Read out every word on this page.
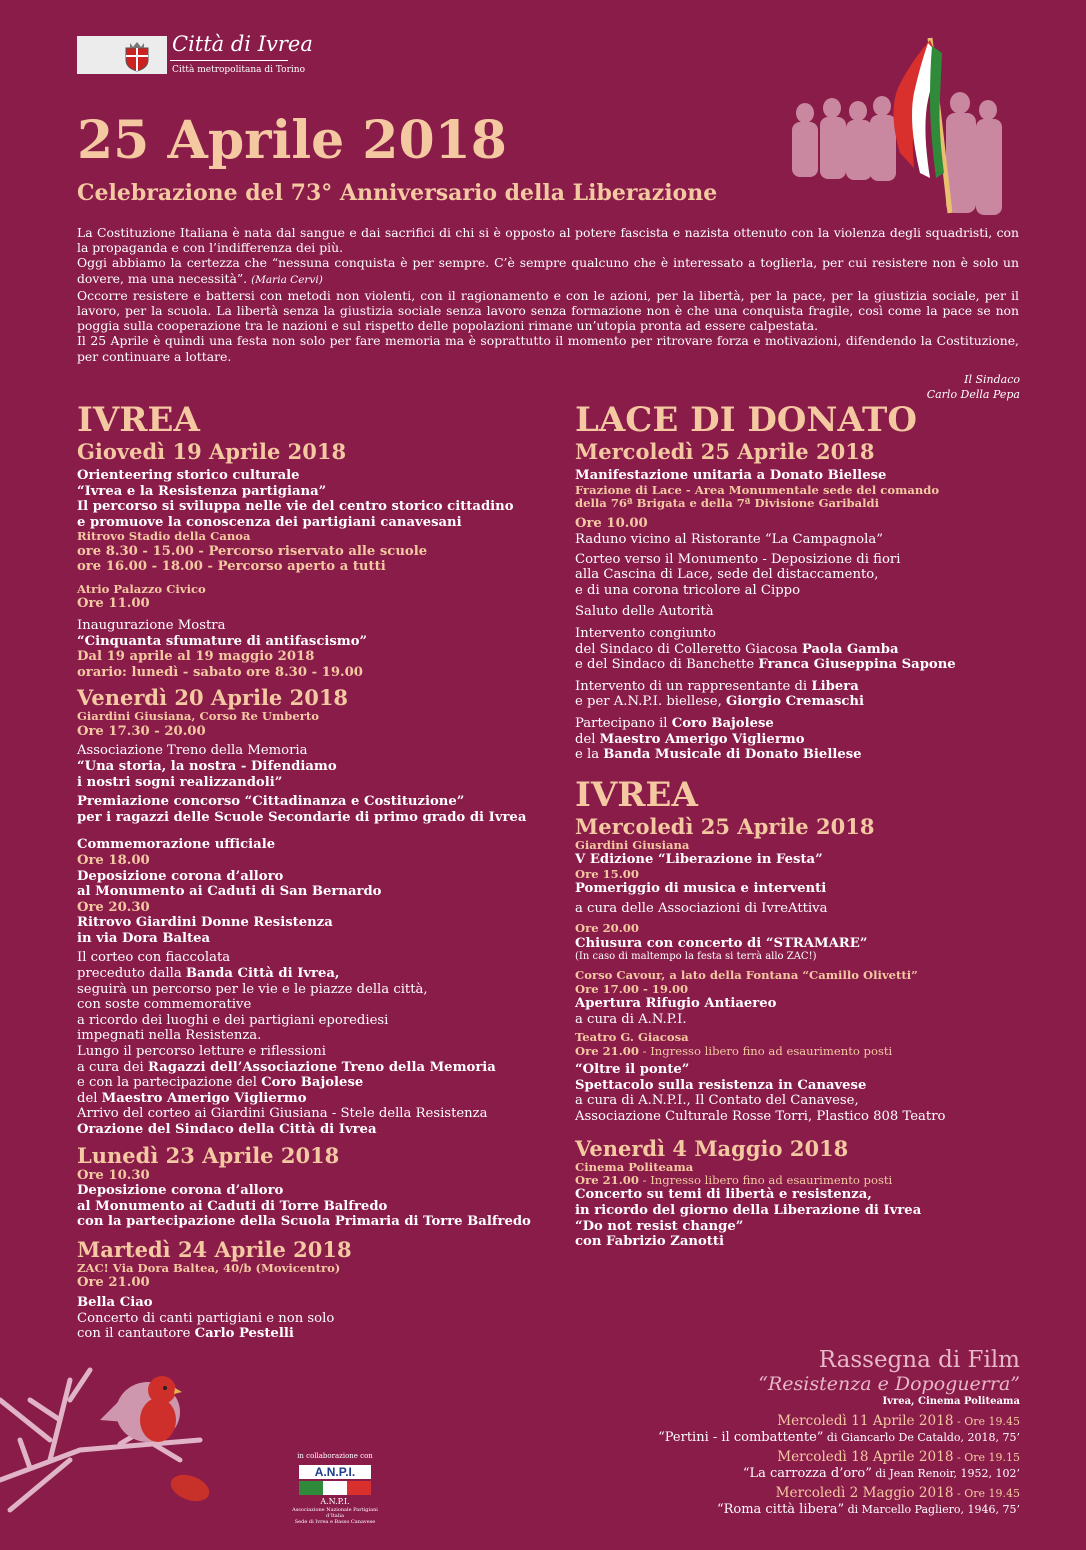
Città di Ivrea
Città metropolitana di Torino
25 Aprile 2018
Celebrazione del 73° Anniversario della Liberazione

La Costituzione Italiana è nata dal sangue e dai sacrifici di chi si è opposto al potere fascista e nazista ottenuto con la violenza degli squadristi, con la propaganda e con l’indifferenza dei più.

Oggi abbiamo la certezza che “nessuna conquista è per sempre. C’è sempre qualcuno che è interessato a toglierla, per cui resistere non è solo un dovere, ma una necessità”. (Maria Cervi)

Occorre resistere e battersi con metodi non violenti, con il ragionamento e con le azioni, per la libertà, per la pace, per la giustizia sociale, per il lavoro, per la scuola. La libertà senza la giustizia sociale senza lavoro senza formazione non è che una conquista fragile, così come la pace se non poggia sulla cooperazione tra le nazioni e sul rispetto delle popolazioni rimane un’utopia pronta ad essere calpestata.

Il 25 Aprile è quindi una festa non solo per fare memoria ma è soprattutto il momento per ritrovare forza e motivazioni, difendendo la Costituzione, per continuare a lottare.

Il Sindaco
Carlo Della Pepa
IVREA
Giovedì 19 Aprile 2018
Orienteering storico culturale
“Ivrea e la Resistenza partigiana”
Il percorso si sviluppa nelle vie del centro storico cittadino
e promuove la conoscenza dei partigiani canavesani
Ritrovo Stadio della Canoa
ore 8.30 - 15.00 - Percorso riservato alle scuole
ore 16.00 - 18.00 - Percorso aperto a tutti
Atrio Palazzo Civico
Ore 11.00
Inaugurazione Mostra
“Cinquanta sfumature di antifascismo”
Dal 19 aprile al 19 maggio 2018
orario: lunedì - sabato ore 8.30 - 19.00
Venerdì 20 Aprile 2018
Giardini Giusiana, Corso Re Umberto
Ore 17.30 - 20.00
Associazione Treno della Memoria
“Una storia, la nostra - Difendiamo
i nostri sogni realizzandoli”
Premiazione concorso “Cittadinanza e Costituzione”
per i ragazzi delle Scuole Secondarie di primo grado di Ivrea
Commemorazione ufficiale
Ore 18.00
Deposizione corona d’alloro
al Monumento ai Caduti di San Bernardo
Ore 20.30
Ritrovo Giardini Donne Resistenza
in via Dora Baltea
Il corteo con fiaccolata
preceduto dalla Banda Città di Ivrea,
seguirà un percorso per le vie e le piazze della città,
con soste commemorative
a ricordo dei luoghi e dei partigiani eporediesi
impegnati nella Resistenza.
Lungo il percorso letture e riflessioni
a cura dei Ragazzi dell’Associazione Treno della Memoria
e con la partecipazione del Coro Bajolese
del Maestro Amerigo Vigliermo
Arrivo del corteo ai Giardini Giusiana - Stele della Resistenza
Orazione del Sindaco della Città di Ivrea
Lunedì 23 Aprile 2018
Ore 10.30
Deposizione corona d’alloro
al Monumento ai Caduti di Torre Balfredo
con la partecipazione della Scuola Primaria di Torre Balfredo
Martedì 24 Aprile 2018
ZAC! Via Dora Baltea, 40/b (Movicentro)
Ore 21.00
Bella Ciao
Concerto di canti partigiani e non solo
con il cantautore Carlo Pestelli
LACE DI DONATO
Mercoledì 25 Aprile 2018
Manifestazione unitaria a Donato Biellese
Frazione di Lace - Area Monumentale sede del comando
della 76ª Brigata e della 7ª Divisione Garibaldi
Ore 10.00
Raduno vicino al Ristorante “La Campagnola”
Corteo verso il Monumento - Deposizione di fiori
alla Cascina di Lace, sede del distaccamento,
e di una corona tricolore al Cippo
Saluto delle Autorità
Intervento congiunto
del Sindaco di Colleretto Giacosa Paola Gamba
e del Sindaco di Banchette Franca Giuseppina Sapone
Intervento di un rappresentante di Libera
e per A.N.P.I. biellese, Giorgio Cremaschi
Partecipano il Coro Bajolese
del Maestro Amerigo Vigliermo
e la Banda Musicale di Donato Biellese
IVREA
Mercoledì 25 Aprile 2018
Giardini Giusiana
V Edizione “Liberazione in Festa”
Ore 15.00
Pomeriggio di musica e interventi
a cura delle Associazioni di IvreAttiva
Ore 20.00
Chiusura con concerto di “STRAMARE”
(In caso di maltempo la festa si terrà allo ZAC!)
Corso Cavour, a lato della Fontana “Camillo Olivetti”
Ore 17.00 - 19.00
Apertura Rifugio Antiaereo
a cura di A.N.P.I.
Teatro G. Giacosa
Ore 21.00 - Ingresso libero fino ad esaurimento posti
“Oltre il ponte”
Spettacolo sulla resistenza in Canavese
a cura di A.N.P.I., Il Contato del Canavese,
Associazione Culturale Rosse Torri, Plastico 808 Teatro
Venerdì 4 Maggio 2018
Cinema Politeama
Ore 21.00 - Ingresso libero fino ad esaurimento posti
Concerto su temi di libertà e resistenza,
in ricordo del giorno della Liberazione di Ivrea
“Do not resist change”
con Fabrizio Zanotti
Rassegna di Film
“Resistenza e Dopoguerra”
Ivrea, Cinema Politeama
Mercoledì 11 Aprile 2018 - Ore 19.45
“Pertini - il combattente” di Giancarlo De Cataldo, 2018, 75’
Mercoledì 18 Aprile 2018 - Ore 19.15
“La carrozza d’oro” di Jean Renoir, 1952, 102’
Mercoledì 2 Maggio 2018 - Ore 19.45
“Roma città libera” di Marcello Pagliero, 1946, 75’
in collaborazione con
A.N.P.I.
A.N.P.I.
Associazione Nazionale Partigiani d’Italia
Sede di Ivrea e Basso Canavese
